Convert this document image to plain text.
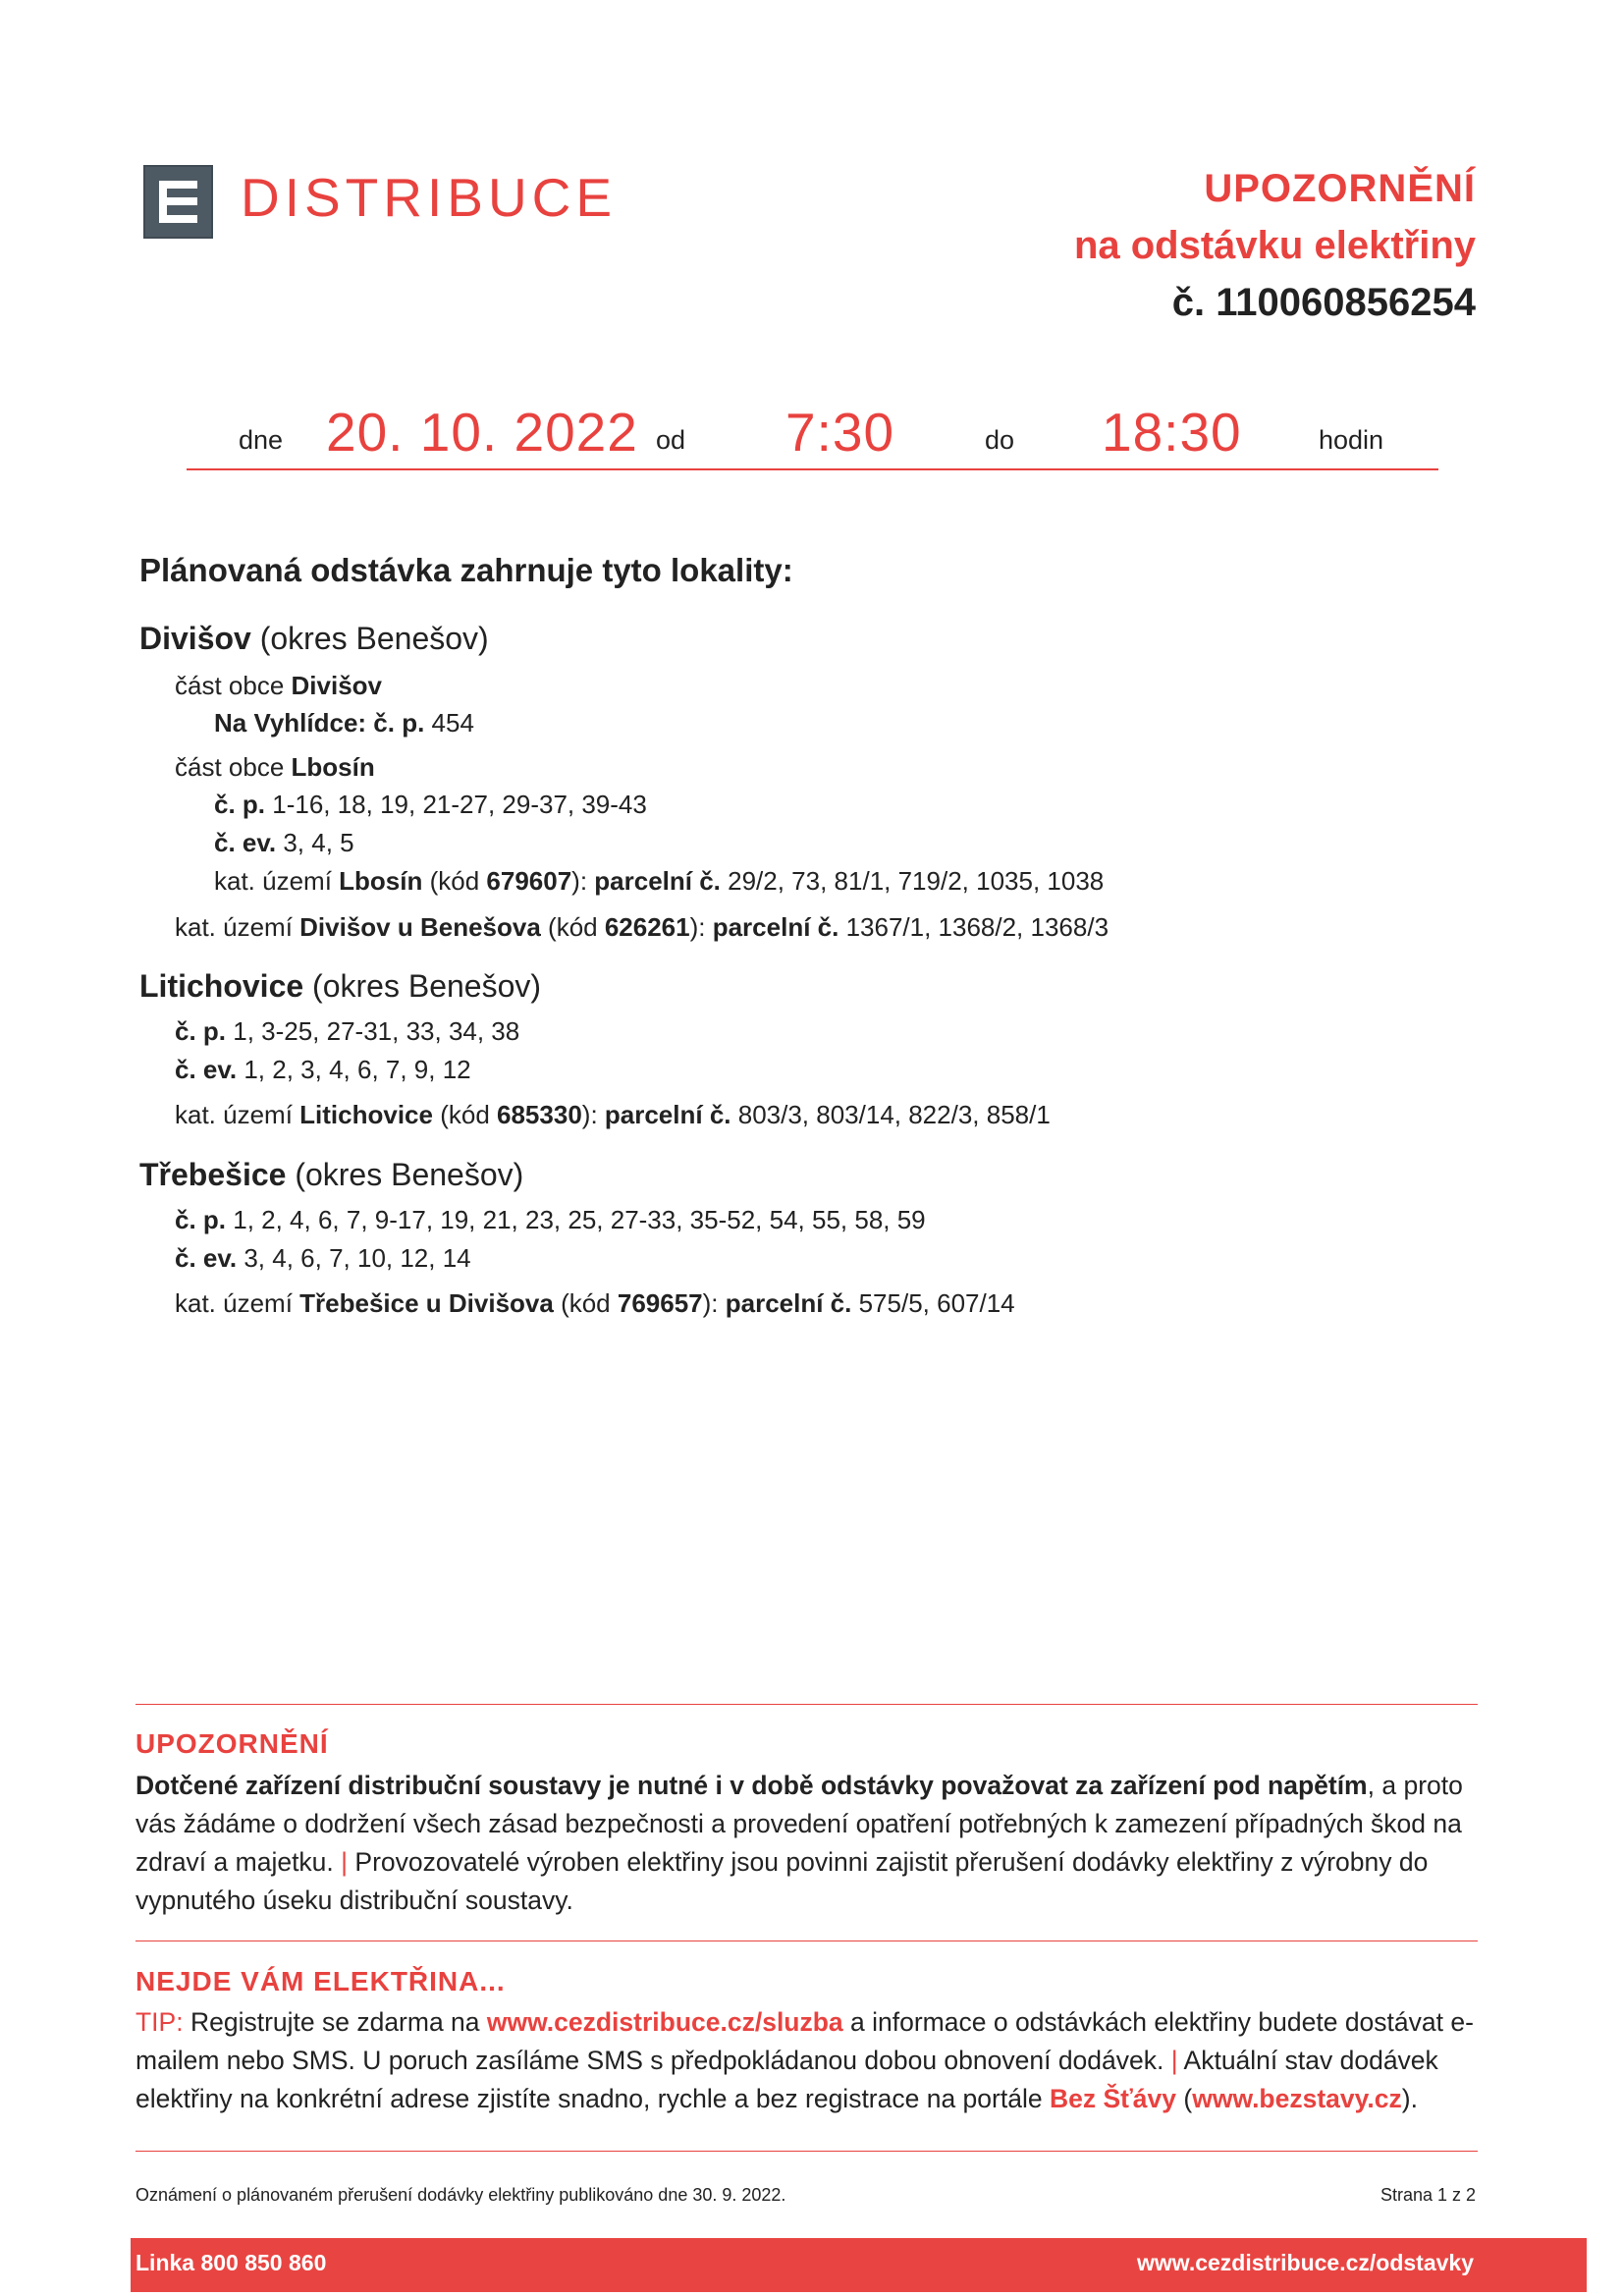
DISTRIBUCE	UPOZORNĚNÍ
na odstávku elektřiny
č. 110060856254
dne 20. 10. 2022 od 7:30	do 18:30	hodin
Plánovaná odstávka zahrnuje tyto lokality:
Divišov (okres Benešov)
část obce Divišov
Na Vyhlídce: č. p. 454
část obce Lbosín
č. p. 1-16, 18, 19, 21-27, 29-37, 39-43
č. ev. 3, 4, 5
kat. území Lbosín (kód 679607): parcelní č. 29/2, 73, 81/1, 719/2, 1035, 1038
kat. území Divišov u Benešova (kód 626261): parcelní č. 1367/1, 1368/2, 1368/3
Litichovice (okres Benešov)
č. p. 1, 3-25, 27-31, 33, 34, 38
č. ev. 1, 2, 3, 4, 6, 7, 9, 12
kat. území Litichovice (kód 685330): parcelní č. 803/3, 803/14, 822/3, 858/1
Třebešice (okres Benešov)
č. p. 1, 2, 4, 6, 7, 9-17, 19, 21, 23, 25, 27-33, 35-52, 54, 55, 58, 59
č. ev. 3, 4, 6, 7, 10, 12, 14
kat. území Třebešice u Divišova (kód 769657): parcelní č. 575/5, 607/14
UPOZORNĚNÍ
Dotčené zařízení distribuční soustavy je nutné i v době odstávky považovat za zařízení pod napětím, a proto vás žádáme o dodržení všech zásad bezpečnosti a provedení opatření potřebných k zamezení případných škod na zdraví a majetku. | Provozovatelé výroben elektřiny jsou povinni zajistit přerušení dodávky elektřiny z výrobny do vypnutého úseku distribuční soustavy.
NEJDE VÁM ELEKTŘINA...
TIP: Registrujte se zdarma na www.cezdistribuce.cz/sluzba a informace o odstávkách elektřiny budete dostávat e-mailem nebo SMS. U poruch zasíláme SMS s předpokládanou dobou obnovení dodávek. | Aktuální stav dodávek elektřiny na konkrétní adrese zjistíte snadno, rychle a bez registrace na portále Bez Šťávy (www.bezstavy.cz).
Oznámení o plánovaném přerušení dodávky elektřiny publikováno dne 30. 9. 2022.	Strana 1 z 2
Linka 800 850 860	www.cezdistribuce.cz/odstavky
